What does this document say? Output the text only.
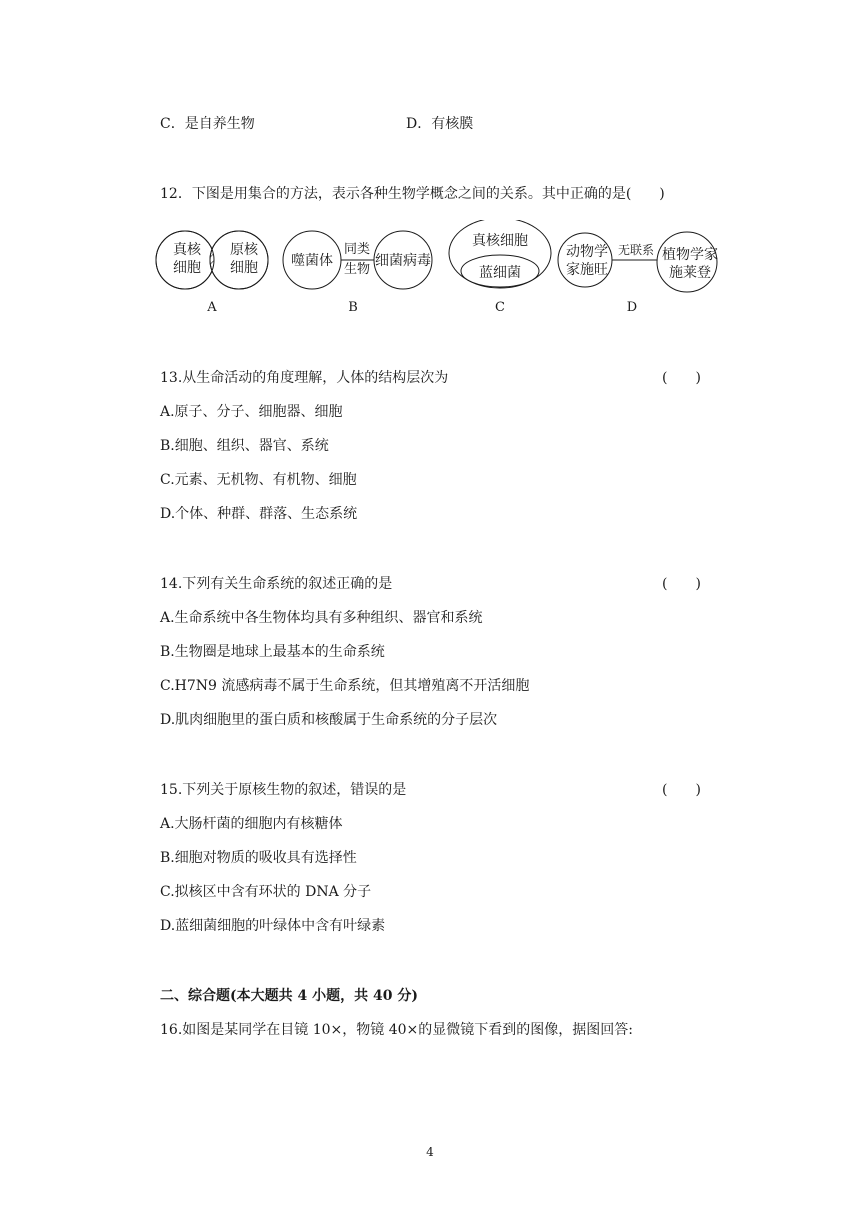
C．是自养生物	D．有核膜
12．下图是用集合的方法，表示各种生物学概念之间的关系。其中正确的是(　　)
真核
细胞
原核
细胞
A
噬菌体
同类
生物
细菌病毒
B
真核细胞
蓝细菌
C
动物学
家施旺
无联系 植物学家
施莱登
D
13.从生命活动的角度理解，人体的结构层次为	(　　)
A.原子、分子、细胞器、细胞
B.细胞、组织、器官、系统
C.元素、无机物、有机物、细胞
D.个体、种群、群落、生态系统
14.下列有关生命系统的叙述正确的是	(　　)
A.生命系统中各生物体均具有多种组织、器官和系统
B.生物圈是地球上最基本的生命系统
C.H7N9 流感病毒不属于生命系统，但其增殖离不开活细胞
D.肌肉细胞里的蛋白质和核酸属于生命系统的分子层次
15.下列关于原核生物的叙述，错误的是	(　　)
A.大肠杆菌的细胞内有核糖体
B.细胞对物质的吸收具有选择性
C.拟核区中含有环状的 DNA 分子
D.蓝细菌细胞的叶绿体中含有叶绿素
二、综合题(本大题共 4 小题，共 40 分)
16.如图是某同学在目镜 10×，物镜 40×的显微镜下看到的图像，据图回答:
4
